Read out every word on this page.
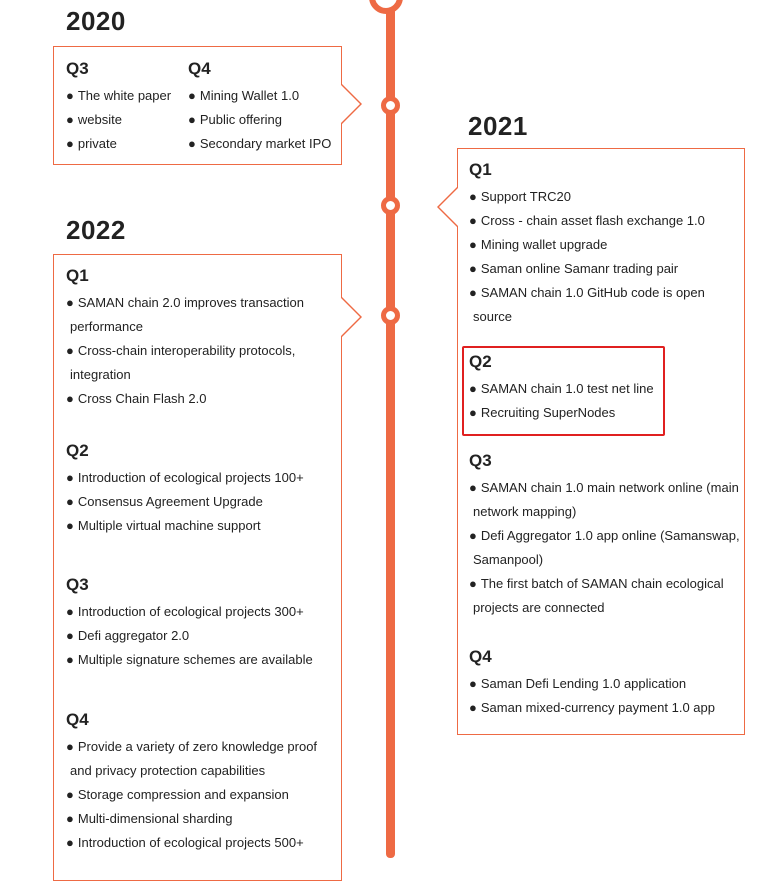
2020
Q3
● The white paper
● website
● private
Q4
● Mining Wallet 1.0
● Public offering
● Secondary market IPO
2021
Q1
● Support TRC20
● Cross - chain asset flash exchange 1.0
● Mining wallet upgrade
● Saman online Samanr trading pair
● SAMAN chain 1.0 GitHub code is open
source
Q2
● SAMAN chain 1.0 test net line
● Recruiting SuperNodes
Q3
● SAMAN chain 1.0 main network online (main
network mapping)
● Defi Aggregator 1.0 app online (Samanswap,
Samanpool)
● The first batch of SAMAN chain ecological
projects are connected
Q4
● Saman Defi Lending 1.0 application
● Saman mixed-currency payment 1.0 app
2022
Q1
● SAMAN chain 2.0 improves transaction
performance
● Cross-chain interoperability protocols,
integration
● Cross Chain Flash 2.0
Q2
● Introduction of ecological projects 100+
● Consensus Agreement Upgrade
● Multiple virtual machine support
Q3
● Introduction of ecological projects 300+
● Defi aggregator 2.0
● Multiple signature schemes are available
Q4
● Provide a variety of zero knowledge proof
and privacy protection capabilities
● Storage compression and expansion
● Multi-dimensional sharding
● Introduction of ecological projects 500+
